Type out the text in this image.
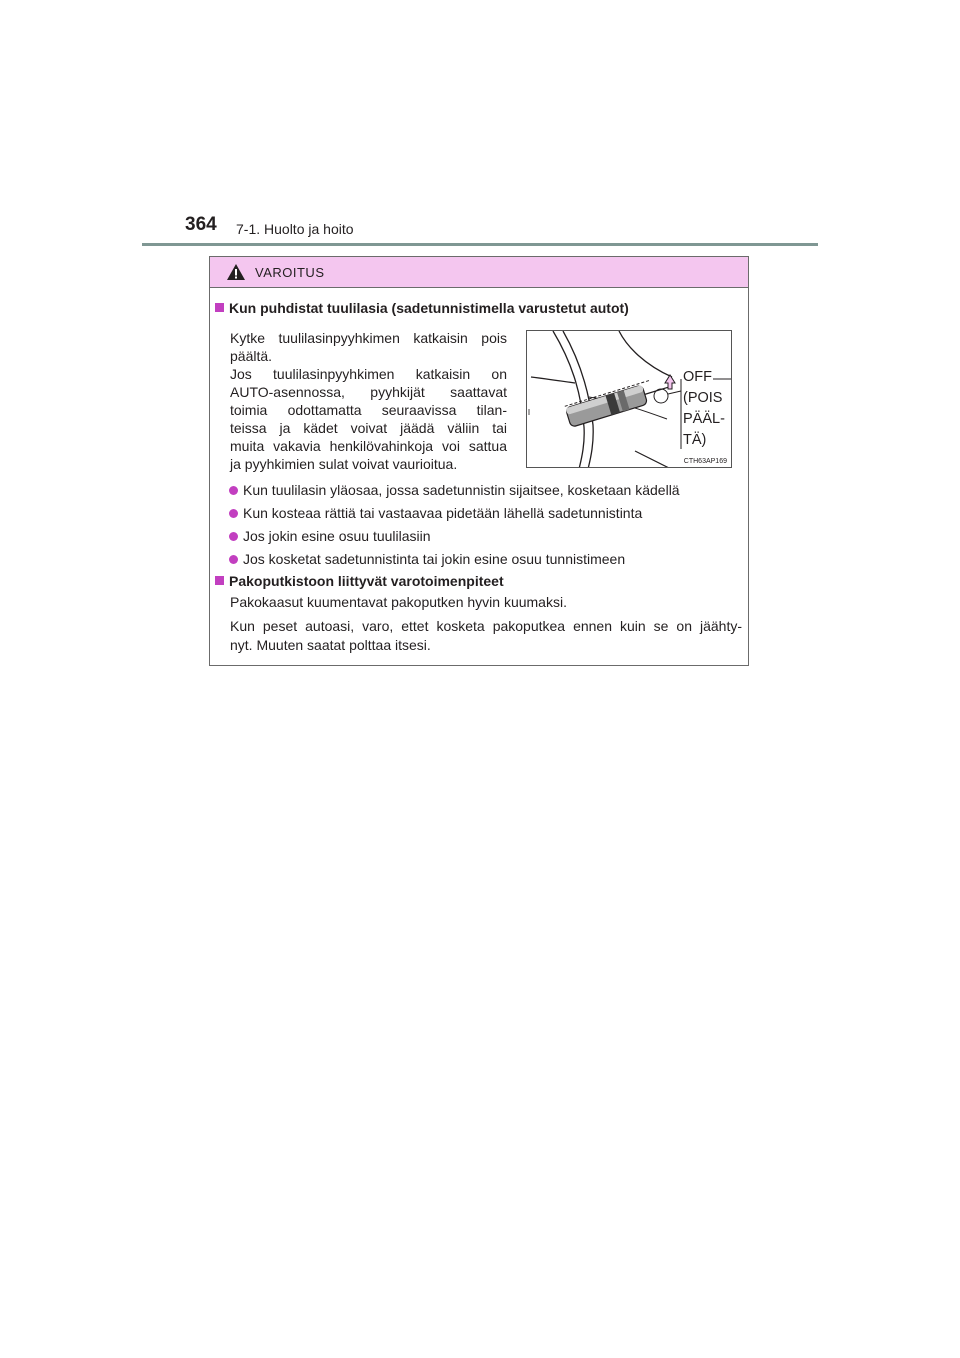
364 7-1. Huolto ja hoito
VAROITUS
Kun puhdistat tuulilasia (sadetunnistimella varustetut autot)
Kytke tuulilasinpyyhkimen katkaisin pois
päältä.
Jos tuulilasinpyyhkimen katkaisin on
AUTO-asennossa, pyyhkijät saattavat
toimia odottamatta seuraavissa tilan-
teissa ja kädet voivat jäädä väliin tai
muita vakavia henkilövahinkoja voi sattua
ja pyyhkimien sulat voivat vaurioitua.
OFF
(POIS
PÄÄL-
TÄ)
CTH63AP169
Kun tuulilasin yläosaa, jossa sadetunnistin sijaitsee, kosketaan kädellä
Kun kosteaa rättiä tai vastaavaa pidetään lähellä sadetunnistinta
Jos jokin esine osuu tuulilasiin
Jos kosketat sadetunnistinta tai jokin esine osuu tunnistimeen
Pakoputkistoon liittyvät varotoimenpiteet
Pakokaasut kuumentavat pakoputken hyvin kuumaksi.
Kun peset autoasi, varo, ettet kosketa pakoputkea ennen kuin se on jäähty-
nyt. Muuten saatat polttaa itsesi.
